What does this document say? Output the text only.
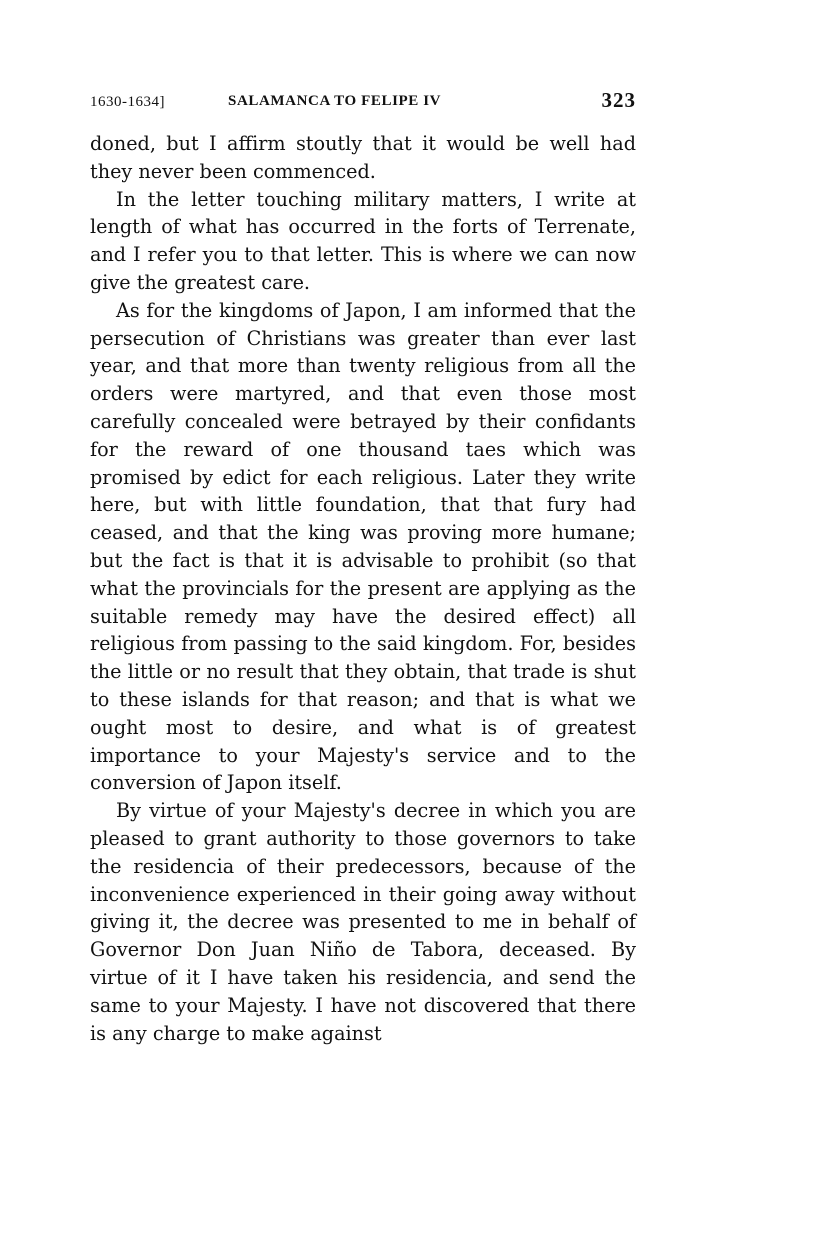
1630-1634]	SALAMANCA TO FELIPE IV	323

doned, but I affirm stoutly that it would be well had they never been commenced.

In the letter touching military matters, I write at length of what has occurred in the forts of Terrenate, and I refer you to that letter. This is where we can now give the greatest care.

As for the kingdoms of Japon, I am informed that the persecution of Christians was greater than ever last year, and that more than twenty religious from all the orders were martyred, and that even those most carefully concealed were betrayed by their confidants for the reward of one thousand taes which was promised by edict for each religious. Later they write here, but with little foundation, that that fury had ceased, and that the king was proving more humane; but the fact is that it is advisable to prohibit (so that what the provincials for the present are applying as the suitable remedy may have the desired effect) all religious from passing to the said kingdom. For, besides the little or no result that they obtain, that trade is shut to these islands for that reason; and that is what we ought most to desire, and what is of greatest importance to your Majesty's service and to the conversion of Japon itself.

By virtue of your Majesty's decree in which you are pleased to grant authority to those governors to take the residencia of their predecessors, because of the inconvenience experienced in their going away without giving it, the decree was presented to me in behalf of Governor Don Juan Niño de Tabora, deceased. By virtue of it I have taken his residencia, and send the same to your Majesty. I have not discovered that there is any charge to make against
